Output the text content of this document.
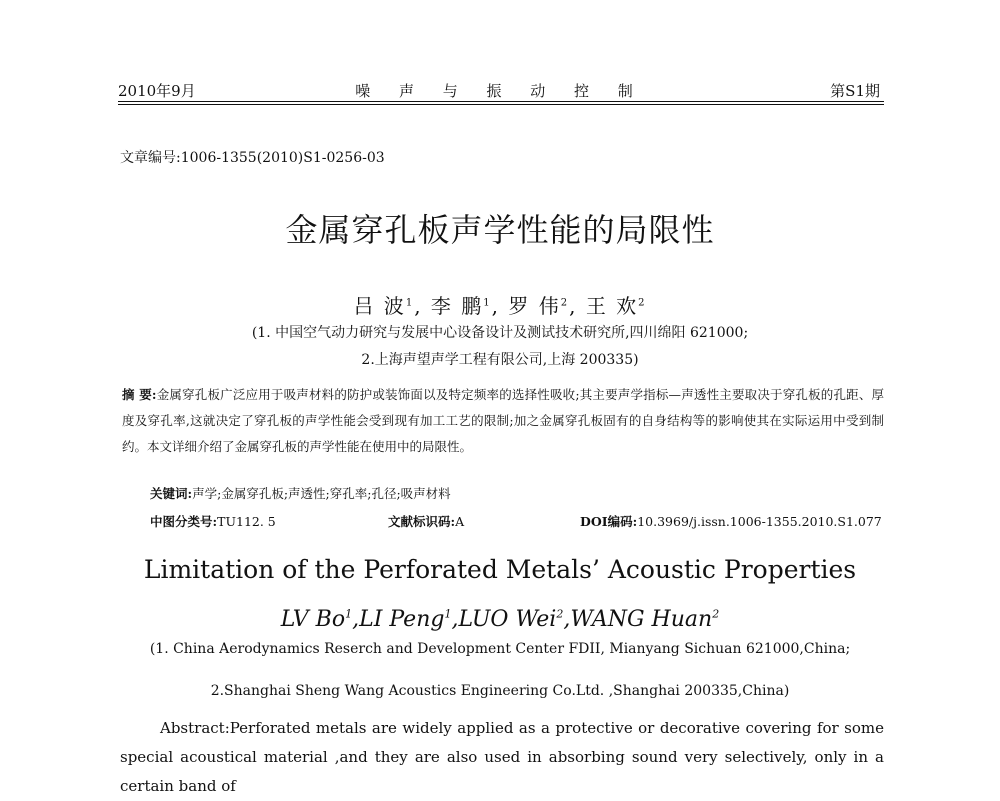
2010年9月	噪 声 与 振 动 控 制	第S1期
文章编号:1006-1355(2010)S1-0256-03
金属穿孔板声学性能的局限性
吕 波$^1$, 李 鹏$^1$, 罗 伟$^2$, 王 欢$^2$
(1. 中国空气动力研究与发展中心设备设计及测试技术研究所,四川绵阳 621000;
2.上海声望声学工程有限公司,上海 200335)
摘 要:金属穿孔板广泛应用于吸声材料的防护或装饰面以及特定频率的选择性吸收;其主要声学指标—声透性主要取决于穿孔板的孔距、厚度及穿孔率,这就决定了穿孔板的声学性能会受到现有加工工艺的限制;加之金属穿孔板固有的自身结构等的影响使其在实际运用中受到制约。本文详细介绍了金属穿孔板的声学性能在使用中的局限性。
关键词:声学;金属穿孔板;声透性;穿孔率;孔径;吸声材料
中图分类号:TU112. 5	文献标识码:A	DOI编码:10.3969/j.issn.1006-1355.2010.S1.077
Limitation of the Perforated Metals’ Acoustic Properties
LV Bo$^1$,LI Peng$^1$,LUO Wei$^2$,WANG Huan$^2$
(1. China Aerodynamics Reserch and Development Center FDII, Mianyang Sichuan 621000,China;
2.Shanghai Sheng Wang Acoustics Engineering Co.Ltd. ,Shanghai 200335,China)
Abstract:Perforated metals are widely applied as a protective or decorative covering for some special acoustical material ,and they are also used in absorbing sound very selectively, only in a certain band of
